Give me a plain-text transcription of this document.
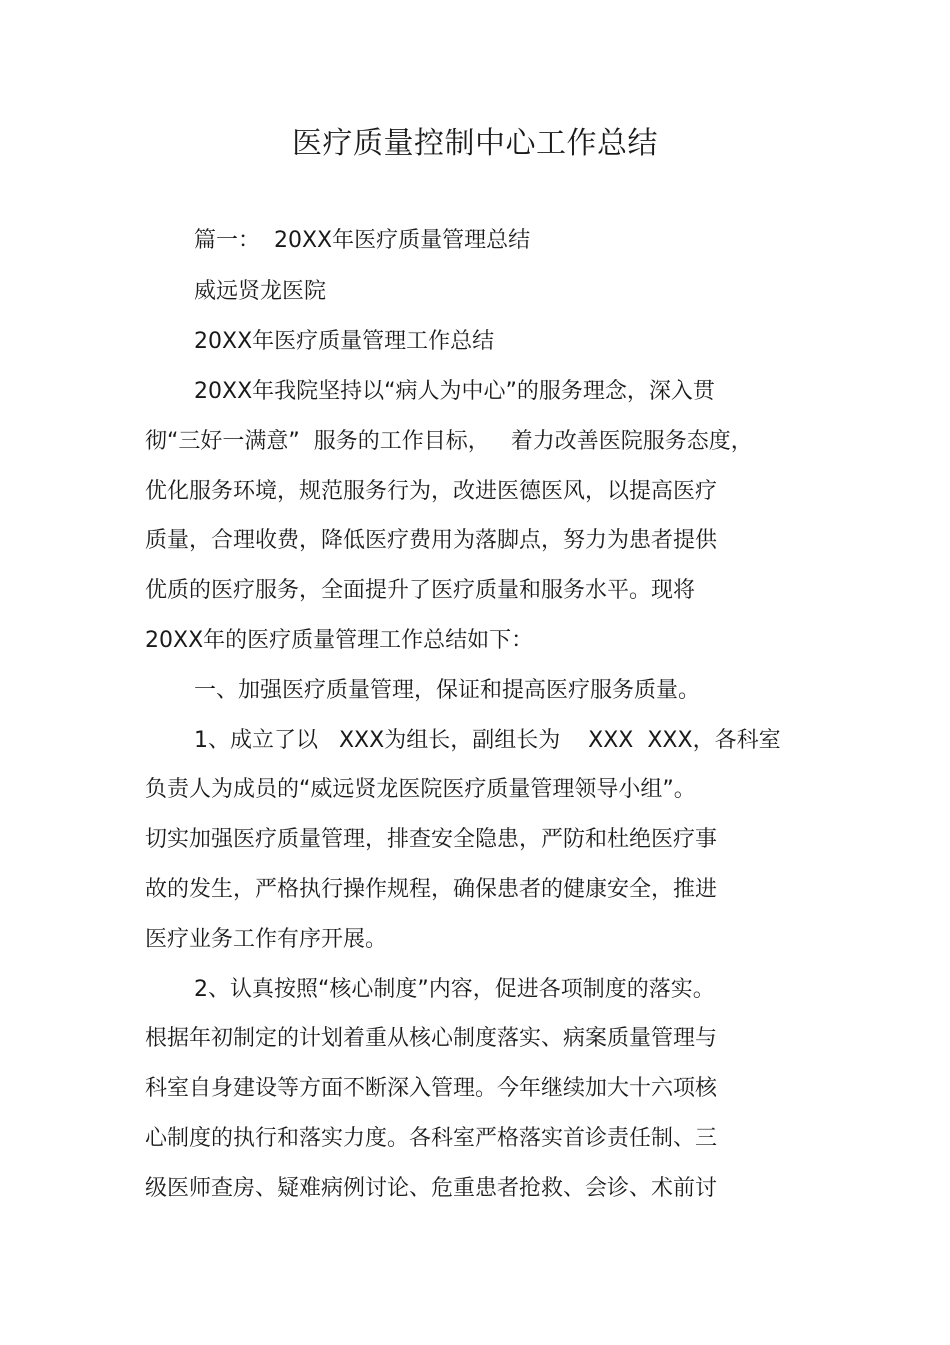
医疗质量控制中心工作总结

篇一：  20XX年医疗质量管理总结

威远贤龙医院

20XX年医疗质量管理工作总结

20XX年我院坚持以“病人为中心”的服务理念，深入贯

彻“三好一满意”  服务的工作目标，   着力改善医院服务态度，

优化服务环境，规范服务行为，改进医德医风，以提高医疗

质量，合理收费，降低医疗费用为落脚点，努力为患者提供

优质的医疗服务，全面提升了医疗质量和服务水平。现将

20XX年的医疗质量管理工作总结如下：

一、加强医疗质量管理，保证和提高医疗服务质量。

1、成立了以   XXX为组长，副组长为    XXX  XXX，各科室

负责人为成员的“威远贤龙医院医疗质量管理领导小组”。

切实加强医疗质量管理，排查安全隐患，严防和杜绝医疗事

故的发生，严格执行操作规程，确保患者的健康安全，推进

医疗业务工作有序开展。

2、认真按照“核心制度”内容，促进各项制度的落实。

根据年初制定的计划着重从核心制度落实、病案质量管理与

科室自身建设等方面不断深入管理。今年继续加大十六项核

心制度的执行和落实力度。各科室严格落实首诊责任制、三

级医师查房、疑难病例讨论、危重患者抢救、会诊、术前讨
